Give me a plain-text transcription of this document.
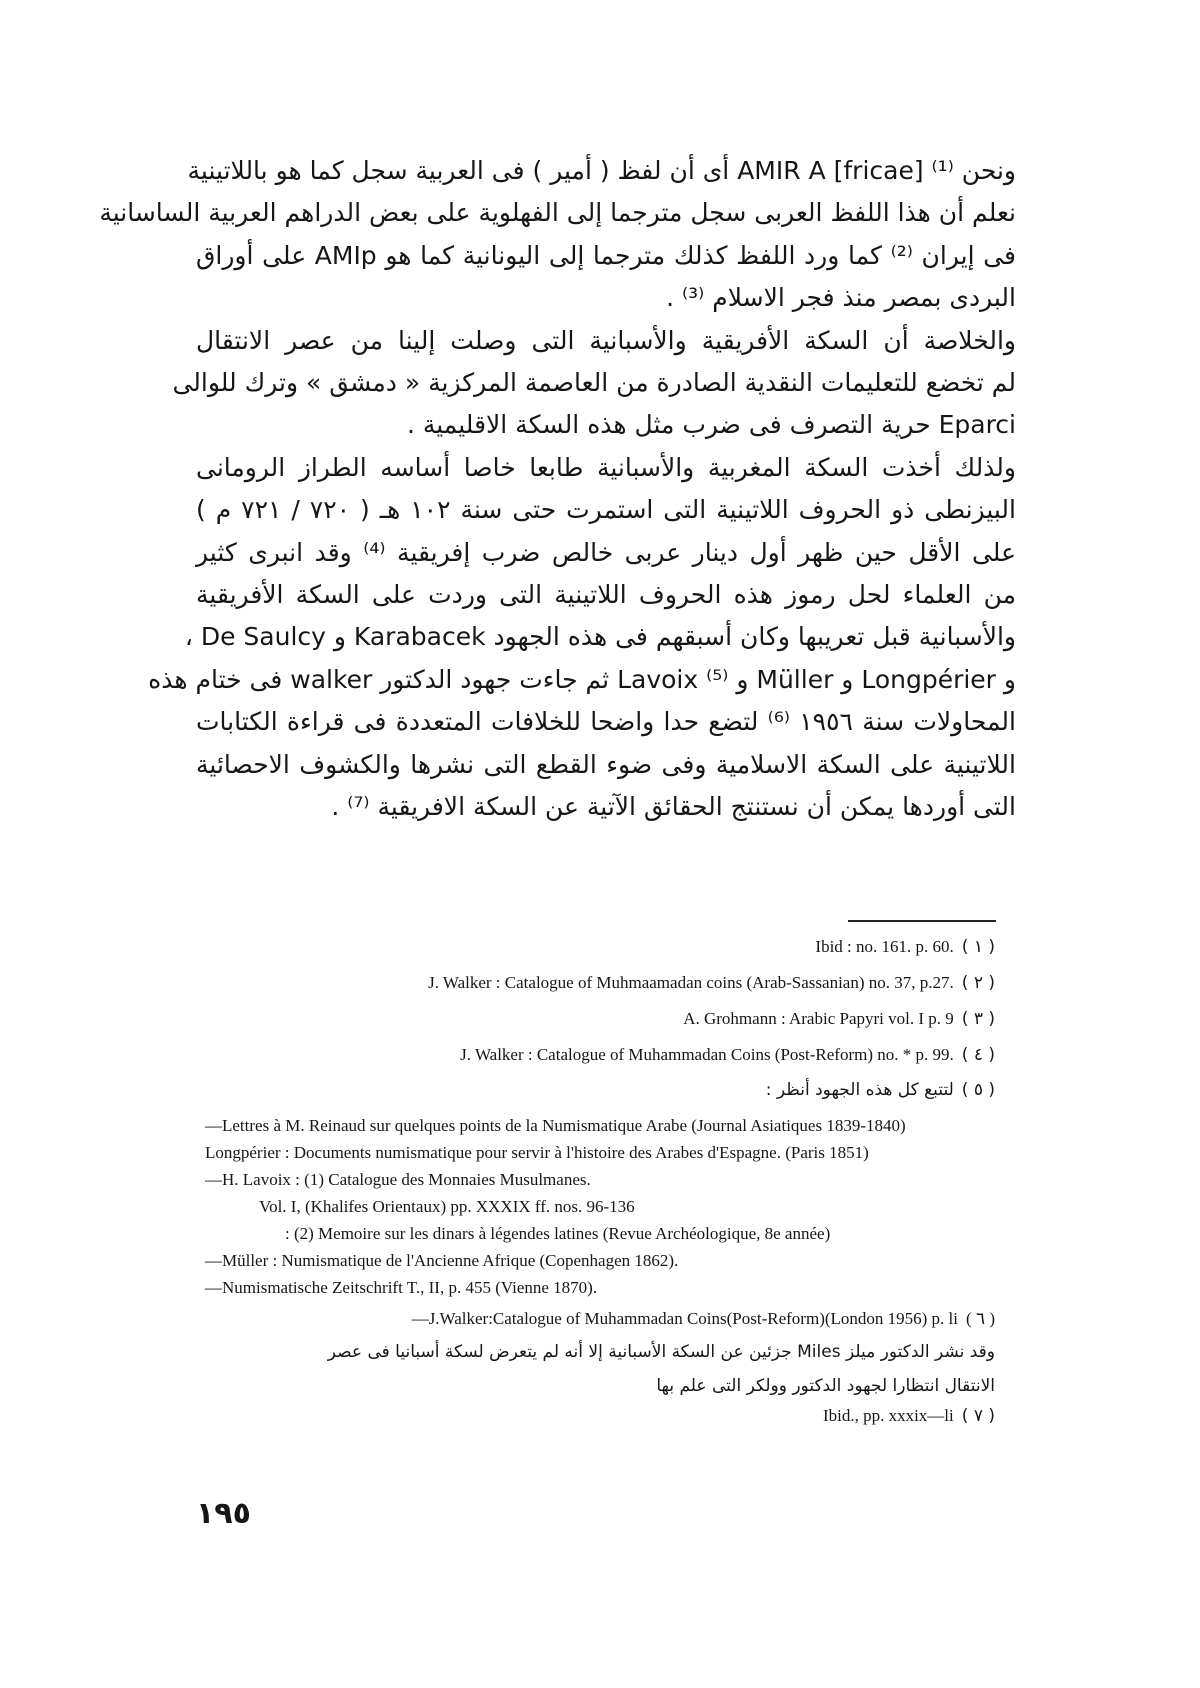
ونحن AMIR A [fricae] ⁽¹⁾ أى أن لفظ ( أمير ) فى العربية سجل كما هو باللاتينية
نعلم أن هذا اللفظ العربى سجل مترجما إلى الفهلوية على بعض الدراهم العربية الساسانية
فى إيران ⁽²⁾ كما ورد اللفظ كذلك مترجما إلى اليونانية كما هو AMIp على أوراق
البردى بمصر منذ فجر الاسلام ⁽³⁾ .

والخلاصة أن السكة الأفريقية والأسبانية التى وصلت إلينا من عصر الانتقال
لم تخضع للتعليمات النقدية الصادرة من العاصمة المركزية « دمشق » وترك للوالى
Eparci حرية التصرف فى ضرب مثل هذه السكة الاقليمية .

ولذلك أخذت السكة المغربية والأسبانية طابعا خاصا أساسه الطراز الرومانى
البيزنطى ذو الحروف اللاتينية التى استمرت حتى سنة ١٠٢ هـ ( ٧٢٠ / ٧٢١ م )
على الأقل حين ظهر أول دينار عربى خالص ضرب إفريقية ⁽⁴⁾ وقد انبرى كثير
من العلماء لحل رموز هذه الحروف اللاتينية التى وردت على السكة الأفريقية
والأسبانية قبل تعريبها وكان أسبقهم فى هذه الجهود Karabacek و De Saulcy ،
و Longpérier و Müller و Lavoix ⁽⁵⁾ ثم جاءت جهود الدكتور walker فى ختام هذه
المحاولات سنة ١٩٥٦ ⁽⁶⁾ لتضع حدا واضحا للخلافات المتعددة فى قراءة الكتابات
اللاتينية على السكة الاسلامية وفى ضوء القطع التى نشرها والكشوف الاحصائية
التى أوردها يمكن أن نستنتج الحقائق الآتية عن السكة الافريقية ⁽⁷⁾ .

Ibid : no. 161. p. 60. ( ١ )
J. Walker : Catalogue of Muhmaamadan coins (Arab-Sassanian) no. 37, p.27. ( ٢ )
A. Grohmann : Arabic Papyri vol. I p. 9 ( ٣ )
J. Walker : Catalogue of Muhammadan Coins (Post-Reform) no. * p. 99. ( ٤ )
لتتبع كل هذه الجهود أنظر : ( ٥ )

—Lettres à M. Reinaud sur quelques points de la Numismatique Arabe (Journal Asiatiques 1839-1840)

Longpérier : Documents numismatique pour servir à l'histoire des Arabes d'Espagne. (Paris 1851)

—H. Lavoix : (1) Catalogue des Monnaies Musulmanes.

Vol. I, (Khalifes Orientaux) pp. XXXIX ff. nos. 96-136

: (2) Memoire sur les dinars à légendes latines (Revue Archéologique, 8e année)

—Müller : Numismatique de l'Ancienne Afrique (Copenhagen 1862).

—Numismatische Zeitschrift T., II, p. 455 (Vienne 1870).

—J.Walker:Catalogue of Muhammadan Coins(Post-Reform)(London 1956) p. li ( ٦ )
وقد نشر الدكتور ميلز Miles جزئين عن السكة الأسبانية إلا أنه لم يتعرض لسكة أسبانيا فى عصر
الانتقال انتظارا لجهود الدكتور وولكر التى علم بها
Ibid., pp. xxxix—li ( ٧ )
١٩٥
